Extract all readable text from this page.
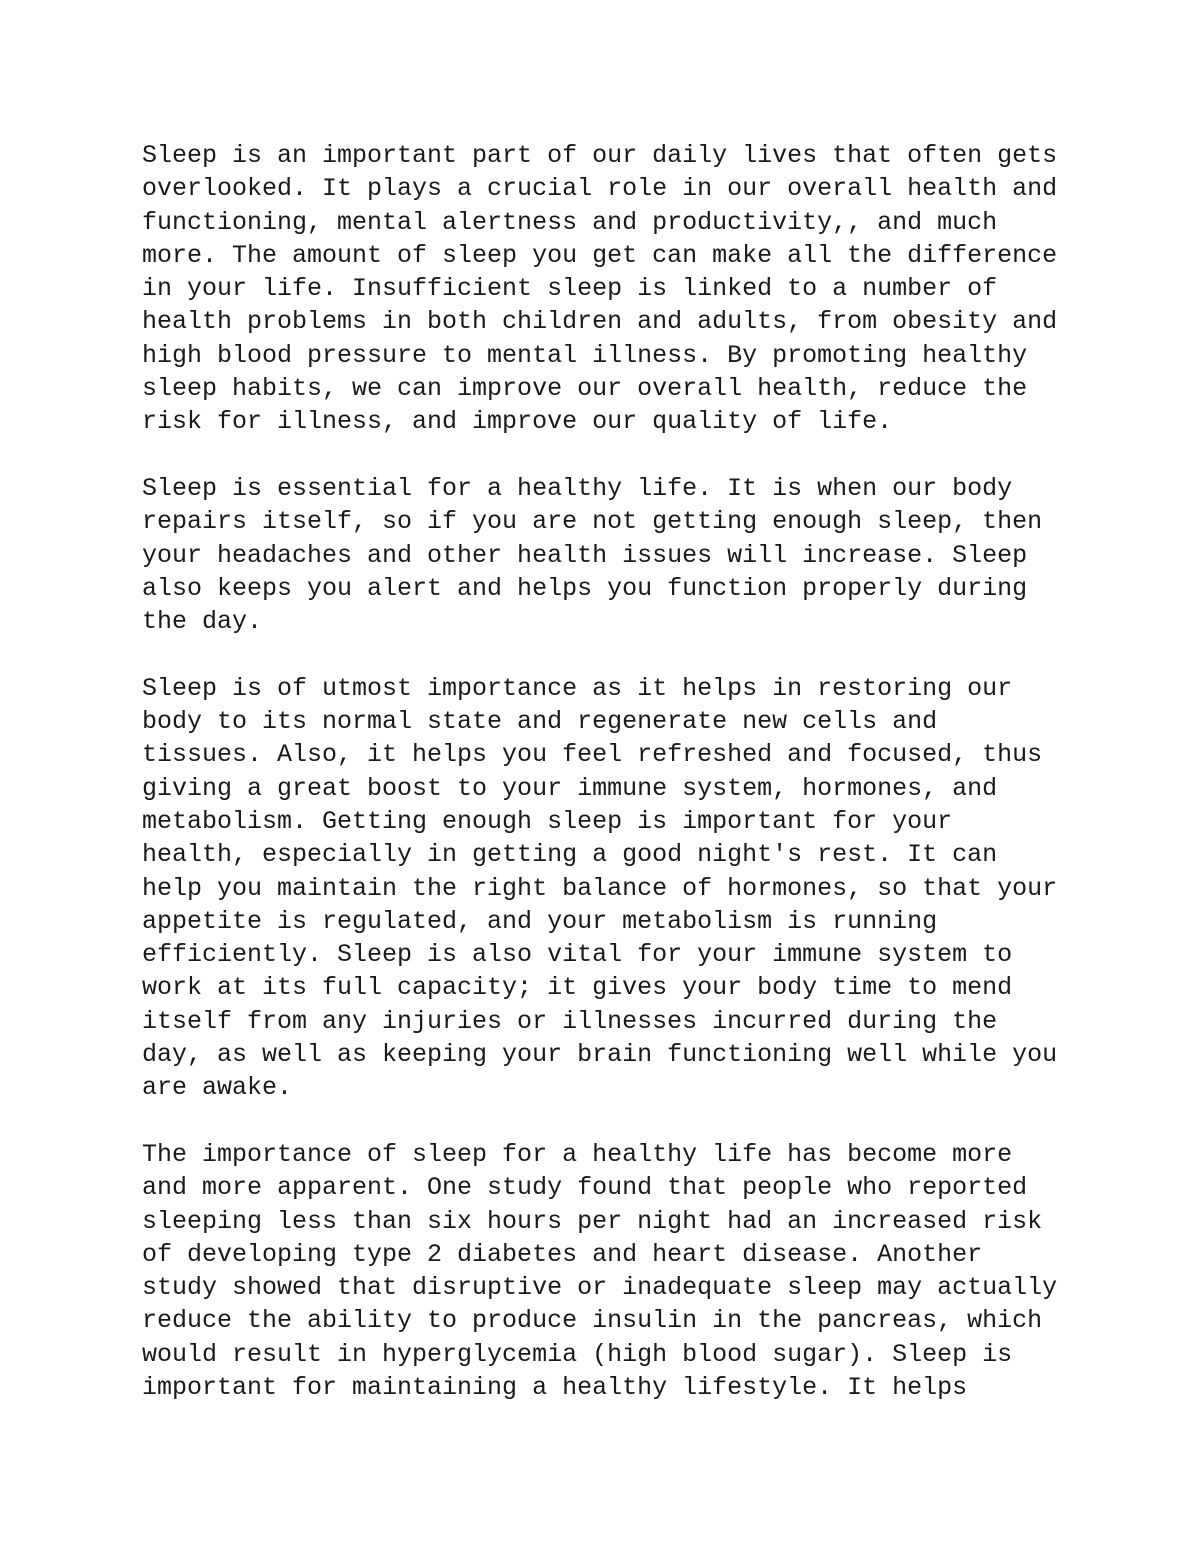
Sleep is an important part of our daily lives that often gets
overlooked. It plays a crucial role in our overall health and
functioning, mental alertness and productivity,, and much
more. The amount of sleep you get can make all the difference
in your life. Insufficient sleep is linked to a number of
health problems in both children and adults, from obesity and
high blood pressure to mental illness. By promoting healthy
sleep habits, we can improve our overall health, reduce the
risk for illness, and improve our quality of life.
Sleep is essential for a healthy life. It is when our body
repairs itself, so if you are not getting enough sleep, then
your headaches and other health issues will increase. Sleep
also keeps you alert and helps you function properly during
the day.
Sleep is of utmost importance as it helps in restoring our
body to its normal state and regenerate new cells and
tissues. Also, it helps you feel refreshed and focused, thus
giving a great boost to your immune system, hormones, and
metabolism. Getting enough sleep is important for your
health, especially in getting a good night's rest. It can
help you maintain the right balance of hormones, so that your
appetite is regulated, and your metabolism is running
efficiently. Sleep is also vital for your immune system to
work at its full capacity; it gives your body time to mend
itself from any injuries or illnesses incurred during the
day, as well as keeping your brain functioning well while you
are awake.
The importance of sleep for a healthy life has become more
and more apparent. One study found that people who reported
sleeping less than six hours per night had an increased risk
of developing type 2 diabetes and heart disease. Another
study showed that disruptive or inadequate sleep may actually
reduce the ability to produce insulin in the pancreas, which
would result in hyperglycemia (high blood sugar). Sleep is
important for maintaining a healthy lifestyle. It helps
